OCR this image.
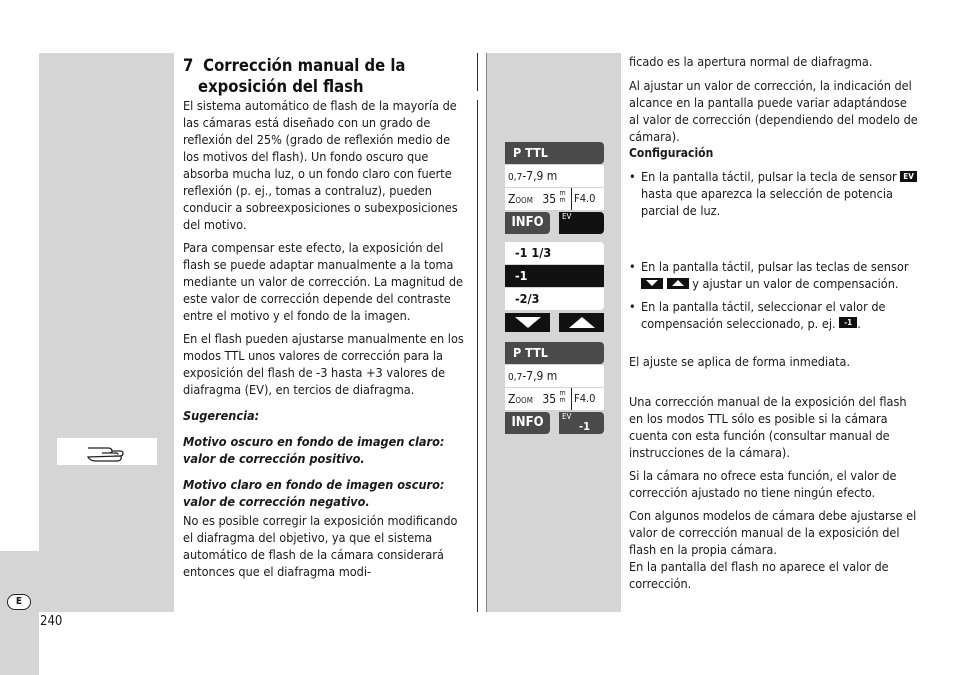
E
240
7 Corrección manual de la
exposición del flash

El sistema automático de flash de la mayoría de las cámaras está diseñado con un grado de reflexión del 25% (grado de reflexión medio de los motivos del flash). Un fondo oscuro que absorba mucha luz, o un fondo claro con fuerte reflexión (p. ej., tomas a contraluz), pueden conducir a sobreexposiciones o subexposiciones del motivo.

Para compensar este efecto, la exposición del flash se puede adaptar manualmente a la toma mediante un valor de corrección. La magnitud de este valor de corrección depende del contraste entre el motivo y el fondo de la imagen.

En el flash pueden ajustarse manualmente en los modos TTL unos valores de corrección para la exposición del flash de -3 hasta +3 valores de diafragma (EV), en tercios de diafragma.

Sugerencia:

Motivo oscuro en fondo de imagen claro: valor de corrección positivo.

Motivo claro en fondo de imagen oscuro: valor de corrección negativo.

No es posible corregir la exposición modificando el diafragma del objetivo, ya que el sistema automático de flash de la cámara considerará entonces que el diafragma modi-

P TTL
0,7-7,9 m
Zoom 35 m
m F4.0
INFO	EV
-1 1/3
-1
-2/3
P TTL
0,7-7,9 m
Zoom 35 m
m F4.0
INFO	EV
-1

ficado es la apertura normal de diafragma.

Al ajustar un valor de corrección, la indicación del alcance en la pantalla puede variar adaptándose al valor de corrección (dependiendo del modelo de cámara).

Configuración

• En la pantalla táctil, pulsar la tecla de sensor EV hasta que aparezca la selección de potencia parcial de luz.

• En la pantalla táctil, pulsar las teclas de sensor   y ajustar un valor de compensación.

• En la pantalla táctil, seleccionar el valor de compensación seleccionado, p. ej. -1 .

El ajuste se aplica de forma inmediata.

Una corrección manual de la exposición del flash en los modos TTL sólo es posible si la cámara cuenta con esta función (consultar manual de instrucciones de la cámara).

Si la cámara no ofrece esta función, el valor de corrección ajustado no tiene ningún efecto.

Con algunos modelos de cámara debe ajustarse el valor de corrección manual de la exposición del flash en la propia cámara.

En la pantalla del flash no aparece el valor de corrección.
